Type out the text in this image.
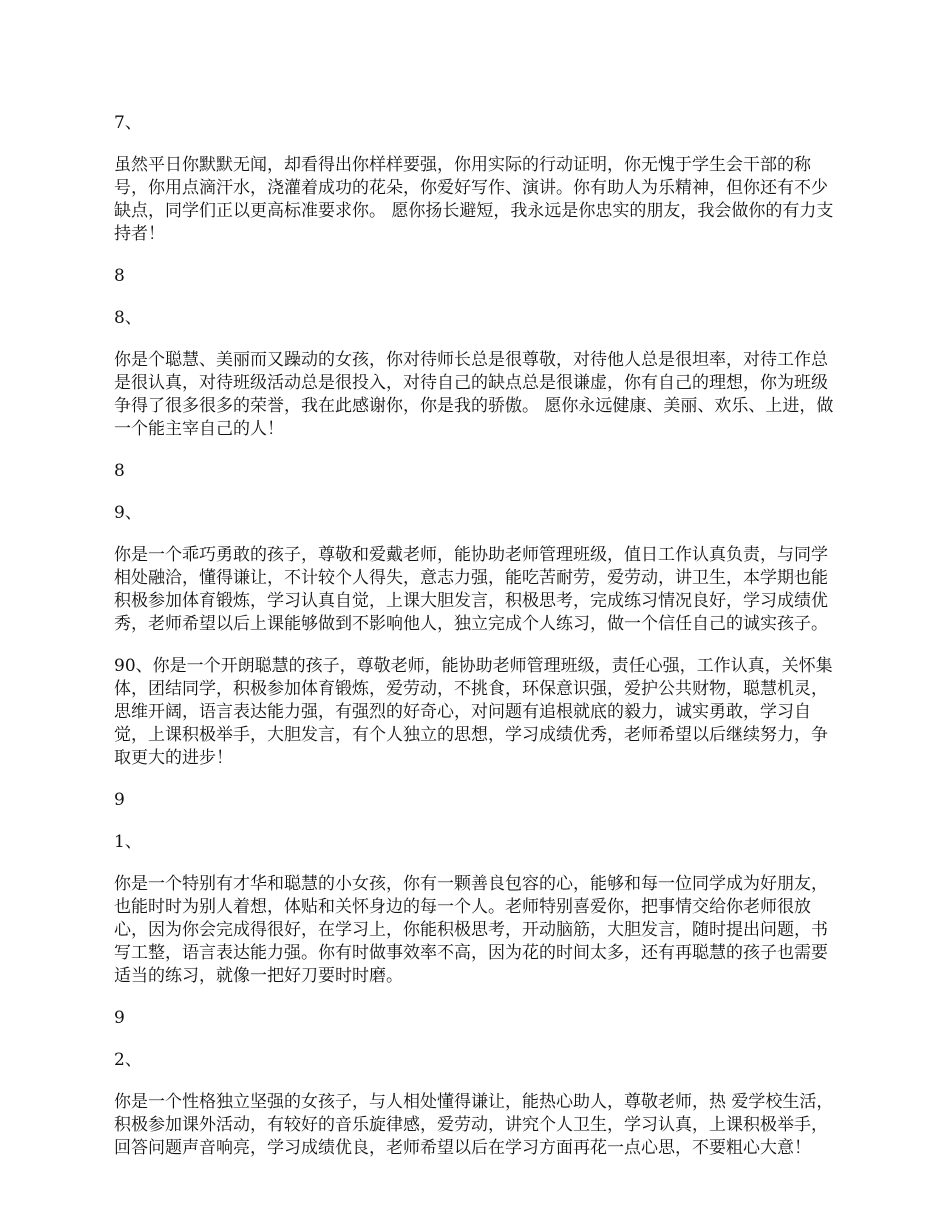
7、

虽然平日你默默无闻，却看得出你样样要强，你用实际的行动证明，你无愧于学生会干部的称号，你用点滴汗水，浇灌着成功的花朵，你爱好写作、演讲。你有助人为乐精神，但你还有不少缺点，同学们正以更高标准要求你。 愿你扬长避短，我永远是你忠实的朋友，我会做你的有力支持者！

8

8、

你是个聪慧、美丽而又躁动的女孩，你对待师长总是很尊敬，对待他人总是很坦率，对待工作总是很认真，对待班级活动总是很投入，对待自己的缺点总是很谦虚，你有自己的理想，你为班级争得了很多很多的荣誉，我在此感谢你，你是我的骄傲。 愿你永远健康、美丽、欢乐、上进，做一个能主宰自己的人！

8

9、

你是一个乖巧勇敢的孩子，尊敬和爱戴老师，能协助老师管理班级，值日工作认真负责，与同学相处融洽，懂得谦让，不计较个人得失，意志力强，能吃苦耐劳，爱劳动，讲卫生，本学期也能积极参加体育锻炼，学习认真自觉，上课大胆发言，积极思考，完成练习情况良好，学习成绩优秀，老师希望以后上课能够做到不影响他人，独立完成个人练习，做一个信任自己的诚实孩子。

90、你是一个开朗聪慧的孩子，尊敬老师，能协助老师管理班级，责任心强，工作认真，关怀集体，团结同学，积极参加体育锻炼，爱劳动，不挑食，环保意识强，爱护公共财物，聪慧机灵，思维开阔，语言表达能力强，有强烈的好奇心，对问题有追根就底的毅力，诚实勇敢，学习自觉，上课积极举手，大胆发言，有个人独立的思想，学习成绩优秀，老师希望以后继续努力，争取更大的进步！

9

1、

你是一个特别有才华和聪慧的小女孩，你有一颗善良包容的心，能够和每一位同学成为好朋友，也能时时为别人着想，体贴和关怀身边的每一个人。老师特别喜爱你，把事情交给你老师很放心，因为你会完成得很好，在学习上，你能积极思考，开动脑筋，大胆发言，随时提出问题，书写工整，语言表达能力强。你有时做事效率不高，因为花的时间太多，还有再聪慧的孩子也需要适当的练习，就像一把好刀要时时磨。

9

2、

你是一个性格独立坚强的女孩子，与人相处懂得谦让，能热心助人，尊敬老师，热 爱学校生活，积极参加课外活动，有较好的音乐旋律感，爱劳动，讲究个人卫生，学习认真，上课积极举手，回答问题声音响亮，学习成绩优良，老师希望以后在学习方面再花一点心思，不要粗心大意！
